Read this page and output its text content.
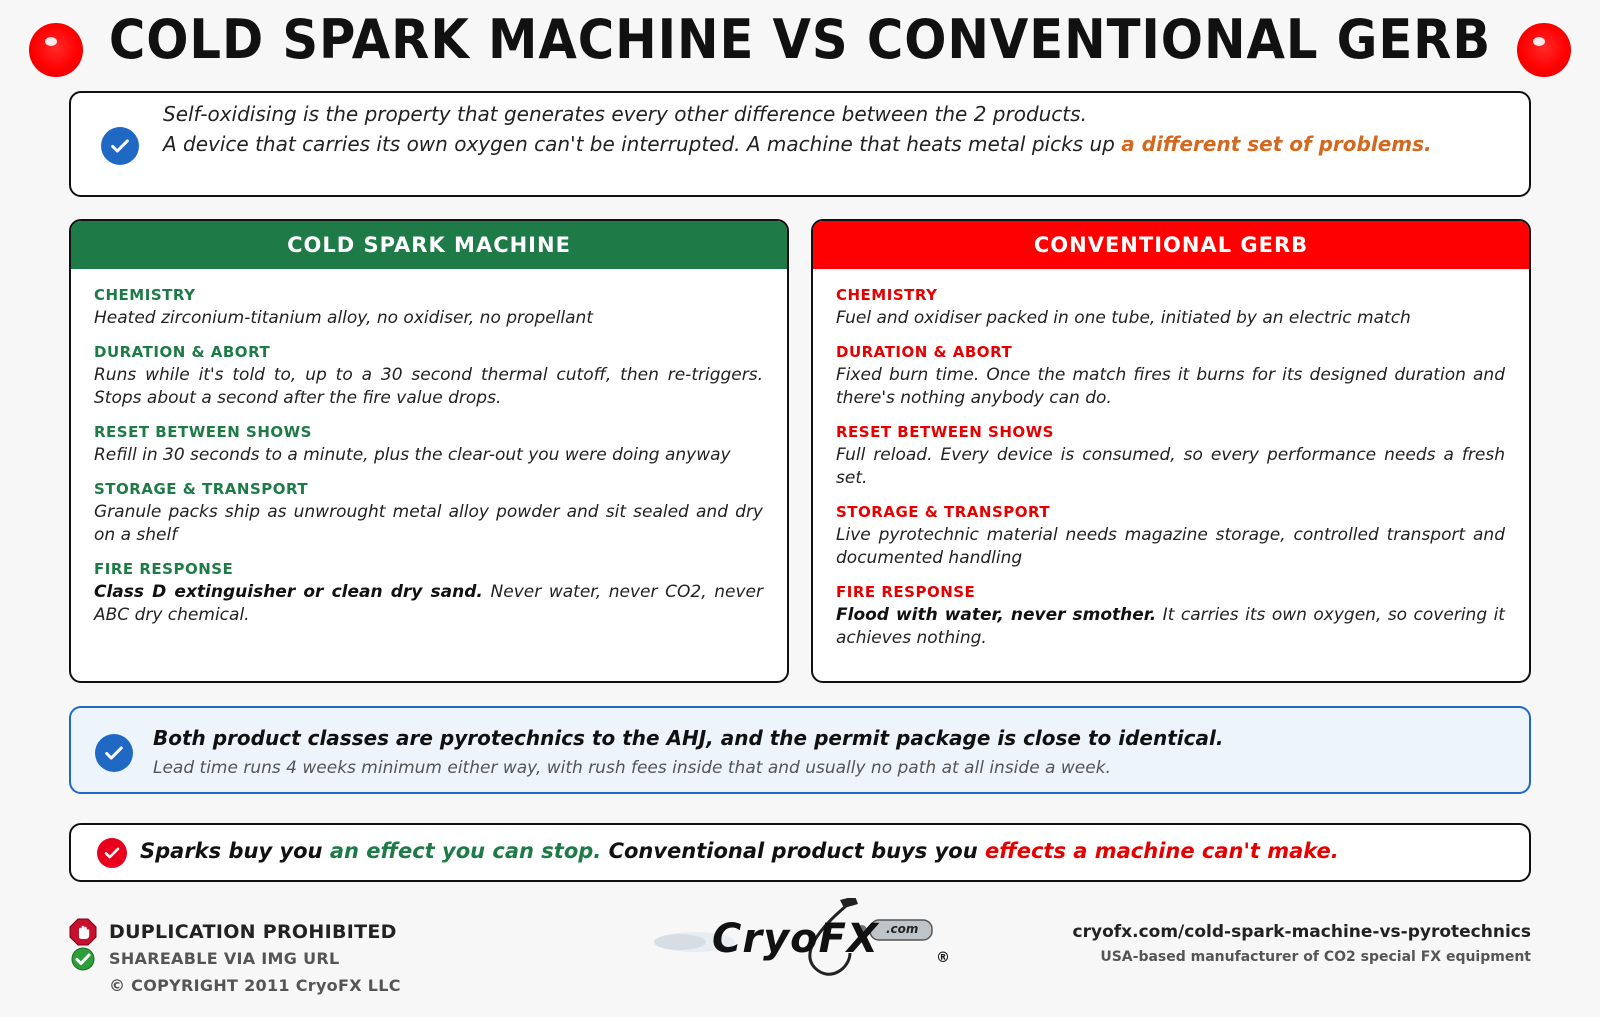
COLD SPARK MACHINE VS CONVENTIONAL GERB
Self-oxidising is the property that generates every other difference between the 2 products.
A device that carries its own oxygen can't be interrupted. A machine that heats metal picks up a different set of problems.
COLD SPARK MACHINE
CHEMISTRY

Heated zirconium-titanium alloy, no oxidiser, no propellant

DURATION & ABORT

Runs while it's told to, up to a 30 second thermal cutoff, then re-triggers. Stops about a second after the fire value drops.

RESET BETWEEN SHOWS

Refill in 30 seconds to a minute, plus the clear-out you were doing anyway

STORAGE & TRANSPORT

Granule packs ship as unwrought metal alloy powder and sit sealed and dry on a shelf

FIRE RESPONSE

Class D extinguisher or clean dry sand. Never water, never CO2, never ABC dry chemical.

CONVENTIONAL GERB
CHEMISTRY

Fuel and oxidiser packed in one tube, initiated by an electric match

DURATION & ABORT

Fixed burn time. Once the match fires it burns for its designed duration and there's nothing anybody can do.

RESET BETWEEN SHOWS

Full reload. Every device is consumed, so every performance needs a fresh set.

STORAGE & TRANSPORT

Live pyrotechnic material needs magazine storage, controlled transport and documented handling

FIRE RESPONSE

Flood with water, never smother. It carries its own oxygen, so covering it achieves nothing.

Both product classes are pyrotechnics to the AHJ, and the permit package is close to identical.
Lead time runs 4 weeks minimum either way, with rush fees inside that and usually no path at all inside a week.
Sparks buy you an effect you can stop. Conventional product buys you effects a machine can't make.
DUPLICATION PROHIBITED
SHAREABLE VIA IMG URL
© COPYRIGHT 2011 CryoFX LLC
CryoFX .com
®
cryofx.com/cold-spark-machine-vs-pyrotechnics
USA-based manufacturer of CO2 special FX equipment
